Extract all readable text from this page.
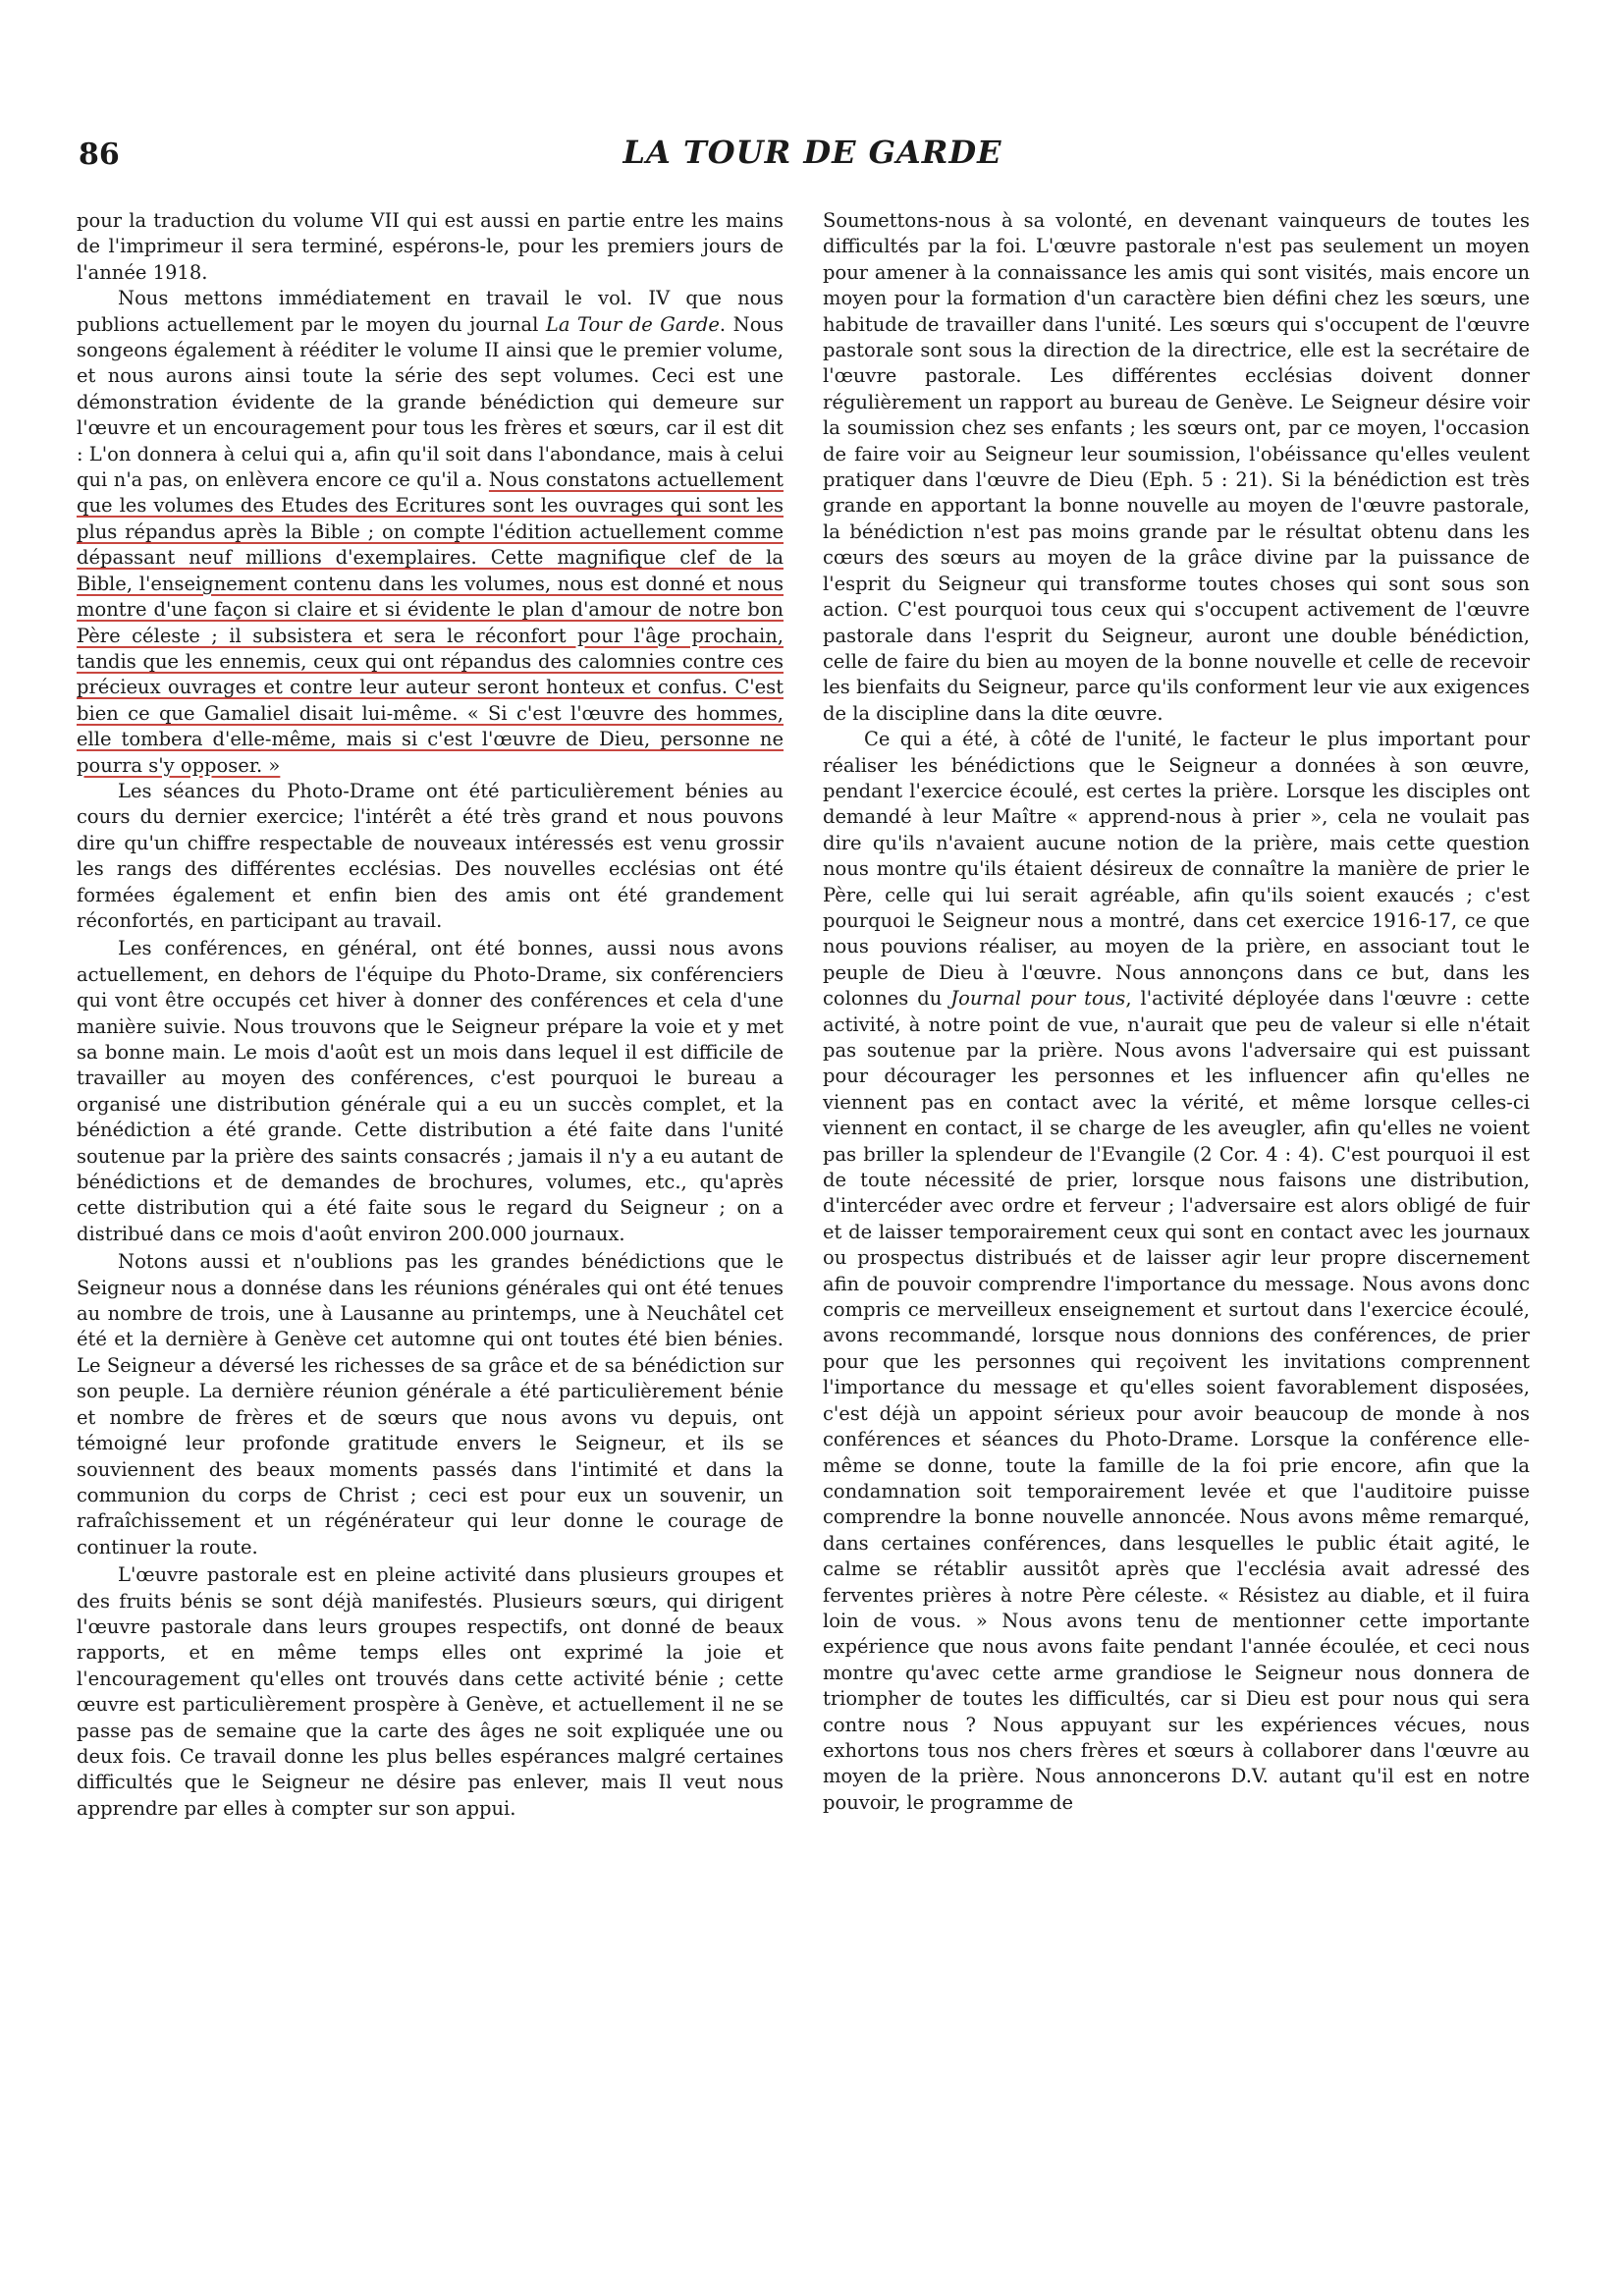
86	LA TOUR DE GARDE

pour la traduction du volume VII qui est aussi en partie entre les mains de l'imprimeur il sera terminé, espérons-le, pour les premiers jours de l'année 1918.

Nous mettons immédiatement en travail le vol. IV que nous publions actuellement par le moyen du journal La Tour de Garde. Nous songeons également à rééditer le volume II ainsi que le premier volume, et nous aurons ainsi toute la série des sept volumes. Ceci est une démonstration évidente de la grande bénédiction qui demeure sur l'œuvre et un encouragement pour tous les frères et sœurs, car il est dit : L'on donnera à celui qui a, afin qu'il soit dans l'abondance, mais à celui qui n'a pas, on enlèvera encore ce qu'il a. Nous constatons actuellement que les volumes des Etudes des Ecritures sont les ouvrages qui sont les plus répandus après la Bible ; on compte l'édition actuellement comme dépassant neuf millions d'exemplaires. Cette magnifique clef de la Bible, l'enseignement contenu dans les volumes, nous est donné et nous montre d'une façon si claire et si évidente le plan d'amour de notre bon Père céleste ; il subsistera et sera le réconfort pour l'âge prochain, tandis que les ennemis, ceux qui ont répandus des calomnies contre ces précieux ouvrages et contre leur auteur seront honteux et confus. C'est bien ce que Gamaliel disait lui-même. « Si c'est l'œuvre des hommes, elle tombera d'elle-même, mais si c'est l'œuvre de Dieu, personne ne pourra s'y opposer. »

Les séances du Photo-Drame ont été particulièrement bénies au cours du dernier exercice; l'intérêt a été très grand et nous pouvons dire qu'un chiffre respectable de nouveaux intéressés est venu grossir les rangs des différentes ecclésias. Des nouvelles ecclésias ont été formées également et enfin bien des amis ont été grandement réconfortés, en participant au travail.

Les conférences, en général, ont été bonnes, aussi nous avons actuellement, en dehors de l'équipe du Photo-Drame, six conférenciers qui vont être occupés cet hiver à donner des conférences et cela d'une manière suivie. Nous trouvons que le Seigneur prépare la voie et y met sa bonne main. Le mois d'août est un mois dans lequel il est difficile de travailler au moyen des conférences, c'est pourquoi le bureau a organisé une distribution générale qui a eu un succès complet, et la bénédiction a été grande. Cette distribution a été faite dans l'unité soutenue par la prière des saints consacrés ; jamais il n'y a eu autant de bénédictions et de demandes de brochures, volumes, etc., qu'après cette distribution qui a été faite sous le regard du Seigneur ; on a distribué dans ce mois d'août environ 200.000 journaux.

Notons aussi et n'oublions pas les grandes bénédictions que le Seigneur nous a donnése dans les réunions générales qui ont été tenues au nombre de trois, une à Lausanne au printemps, une à Neuchâtel cet été et la dernière à Genève cet automne qui ont toutes été bien bénies. Le Seigneur a déversé les richesses de sa grâce et de sa bénédiction sur son peuple. La dernière réunion générale a été particulièrement bénie et nombre de frères et de sœurs que nous avons vu depuis, ont témoigné leur profonde gratitude envers le Seigneur, et ils se souviennent des beaux moments passés dans l'intimité et dans la communion du corps de Christ ; ceci est pour eux un souvenir, un rafraîchissement et un régénérateur qui leur donne le courage de continuer la route.

L'œuvre pastorale est en pleine activité dans plusieurs groupes et des fruits bénis se sont déjà manifestés. Plusieurs sœurs, qui dirigent l'œuvre pastorale dans leurs groupes respectifs, ont donné de beaux rapports, et en même temps elles ont exprimé la joie et l'encouragement qu'elles ont trouvés dans cette activité bénie ; cette œuvre est particulièrement prospère à Genève, et actuellement il ne se passe pas de semaine que la carte des âges ne soit expliquée une ou deux fois. Ce travail donne les plus belles espérances malgré certaines difficultés que le Seigneur ne désire pas enlever, mais Il veut nous apprendre par elles à compter sur son appui.

Soumettons-nous à sa volonté, en devenant vainqueurs de toutes les difficultés par la foi. L'œuvre pastorale n'est pas seulement un moyen pour amener à la connaissance les amis qui sont visités, mais encore un moyen pour la formation d'un caractère bien défini chez les sœurs, une habitude de travailler dans l'unité. Les sœurs qui s'occupent de l'œuvre pastorale sont sous la direction de la directrice, elle est la secrétaire de l'œuvre pastorale. Les différentes ecclésias doivent donner régulièrement un rapport au bureau de Genève. Le Seigneur désire voir la soumission chez ses enfants ; les sœurs ont, par ce moyen, l'occasion de faire voir au Seigneur leur soumission, l'obéissance qu'elles veulent pratiquer dans l'œuvre de Dieu (Eph. 5 : 21). Si la bénédiction est très grande en apportant la bonne nouvelle au moyen de l'œuvre pastorale, la bénédiction n'est pas moins grande par le résultat obtenu dans les cœurs des sœurs au moyen de la grâce divine par la puissance de l'esprit du Seigneur qui transforme toutes choses qui sont sous son action. C'est pourquoi tous ceux qui s'occupent activement de l'œuvre pastorale dans l'esprit du Seigneur, auront une double bénédiction, celle de faire du bien au moyen de la bonne nouvelle et celle de recevoir les bienfaits du Seigneur, parce qu'ils conforment leur vie aux exigences de la discipline dans la dite œuvre.

Ce qui a été, à côté de l'unité, le facteur le plus important pour réaliser les bénédictions que le Seigneur a données à son œuvre, pendant l'exercice écoulé, est certes la prière. Lorsque les disciples ont demandé à leur Maître « apprend-nous à prier », cela ne voulait pas dire qu'ils n'avaient aucune notion de la prière, mais cette question nous montre qu'ils étaient désireux de connaître la manière de prier le Père, celle qui lui serait agréable, afin qu'ils soient exaucés ; c'est pourquoi le Seigneur nous a montré, dans cet exercice 1916-17, ce que nous pouvions réaliser, au moyen de la prière, en associant tout le peuple de Dieu à l'œuvre. Nous annonçons dans ce but, dans les colonnes du Journal pour tous, l'activité déployée dans l'œuvre : cette activité, à notre point de vue, n'aurait que peu de valeur si elle n'était pas soutenue par la prière. Nous avons l'adversaire qui est puissant pour décourager les personnes et les influencer afin qu'elles ne viennent pas en contact avec la vérité, et même lorsque celles-ci viennent en contact, il se charge de les aveugler, afin qu'elles ne voient pas briller la splendeur de l'Evangile (2 Cor. 4 : 4). C'est pourquoi il est de toute nécessité de prier, lorsque nous faisons une distribution, d'intercéder avec ordre et ferveur ; l'adversaire est alors obligé de fuir et de laisser temporairement ceux qui sont en contact avec les journaux ou prospectus distribués et de laisser agir leur propre discernement afin de pouvoir comprendre l'importance du message. Nous avons donc compris ce merveilleux enseignement et surtout dans l'exercice écoulé, avons recommandé, lorsque nous donnions des conférences, de prier pour que les personnes qui reçoivent les invitations comprennent l'importance du message et qu'elles soient favorablement disposées, c'est déjà un appoint sérieux pour avoir beaucoup de monde à nos conférences et séances du Photo-Drame. Lorsque la conférence elle-même se donne, toute la famille de la foi prie encore, afin que la condamnation soit temporairement levée et que l'auditoire puisse comprendre la bonne nouvelle annoncée. Nous avons même remarqué, dans certaines conférences, dans lesquelles le public était agité, le calme se rétablir aussitôt après que l'ecclésia avait adressé des ferventes prières à notre Père céleste. « Résistez au diable, et il fuira loin de vous. » Nous avons tenu de mentionner cette importante expérience que nous avons faite pendant l'année écoulée, et ceci nous montre qu'avec cette arme grandiose le Seigneur nous donnera de triompher de toutes les difficultés, car si Dieu est pour nous qui sera contre nous ? Nous appuyant sur les expériences vécues, nous exhortons tous nos chers frères et sœurs à collaborer dans l'œuvre au moyen de la prière. Nous annoncerons D.V. autant qu'il est en notre pouvoir, le programme de
